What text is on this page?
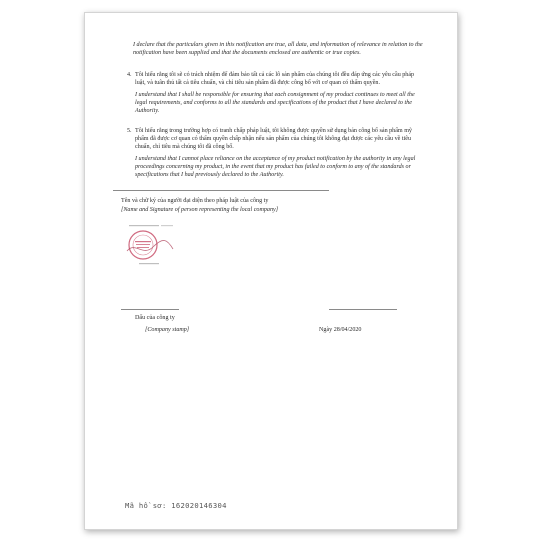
I declare that the particulars given in this notification are true, all data, and information of relevance in relation to the notification have been supplied and that the documents enclosed are authentic or true copies.

4. Tôi hiểu rằng tôi sẽ có trách nhiệm để đảm bảo tất cả các lô sản phẩm của chúng tôi đều đáp ứng các yêu cầu pháp luật, và tuân thủ tất cả tiêu chuẩn, và chỉ tiêu sản phẩm đã được công bố với cơ quan có thẩm quyền.

I understand that I shall be responsible for ensuring that each consignment of my product continues to meet all the legal requirements, and conforms to all the standards and specifications of the product that I have declared to the Authority.

5. Tôi hiểu rằng trong trường hợp có tranh chấp pháp luật, tôi không được quyền sử dụng bản công bố sản phẩm mỹ phẩm đã được cơ quan có thẩm quyền chấp nhận nếu sản phẩm của chúng tôi không đạt được các yêu cầu về tiêu chuẩn, chỉ tiêu mà chúng tôi đã công bố.

I understand that I cannot place reliance on the acceptance of my product notification by the authority in any legal proceedings concerning my product, in the event that my product has failed to conform to any of the standards or specifications that I had previously declared to the Authority.

Tên và chữ ký của người đại diện theo pháp luật của công ty
[Name and Signature of person representing the local company]
Dấu của công ty
[Company stamp]	Ngày 28/04/2020
Mã hồ sơ: 162020146304
